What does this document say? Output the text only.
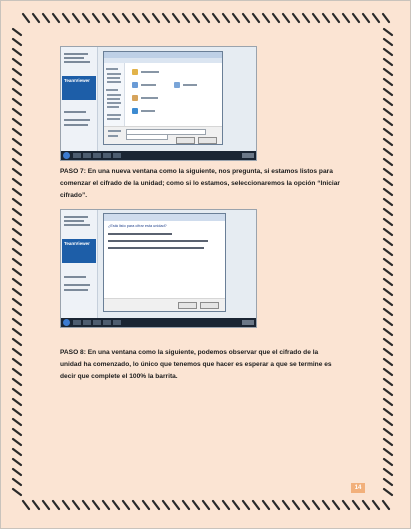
TeamViewer
PASO 7: En una nueva ventana como la siguiente, nos pregunta, si estamos listos para
comenzar el cifrado de la unidad; como si lo estamos, seleccionaremos la opción “Iniciar
cifrado”.
TeamViewer
¿Está listo para cifrar esta unidad?
PASO 8: En una ventana como la siguiente, podemos observar que el cifrado de la
unidad ha comenzado, lo único que tenemos que hacer es esperar a que se termine es
decir que complete el 100% la barrita.
14
